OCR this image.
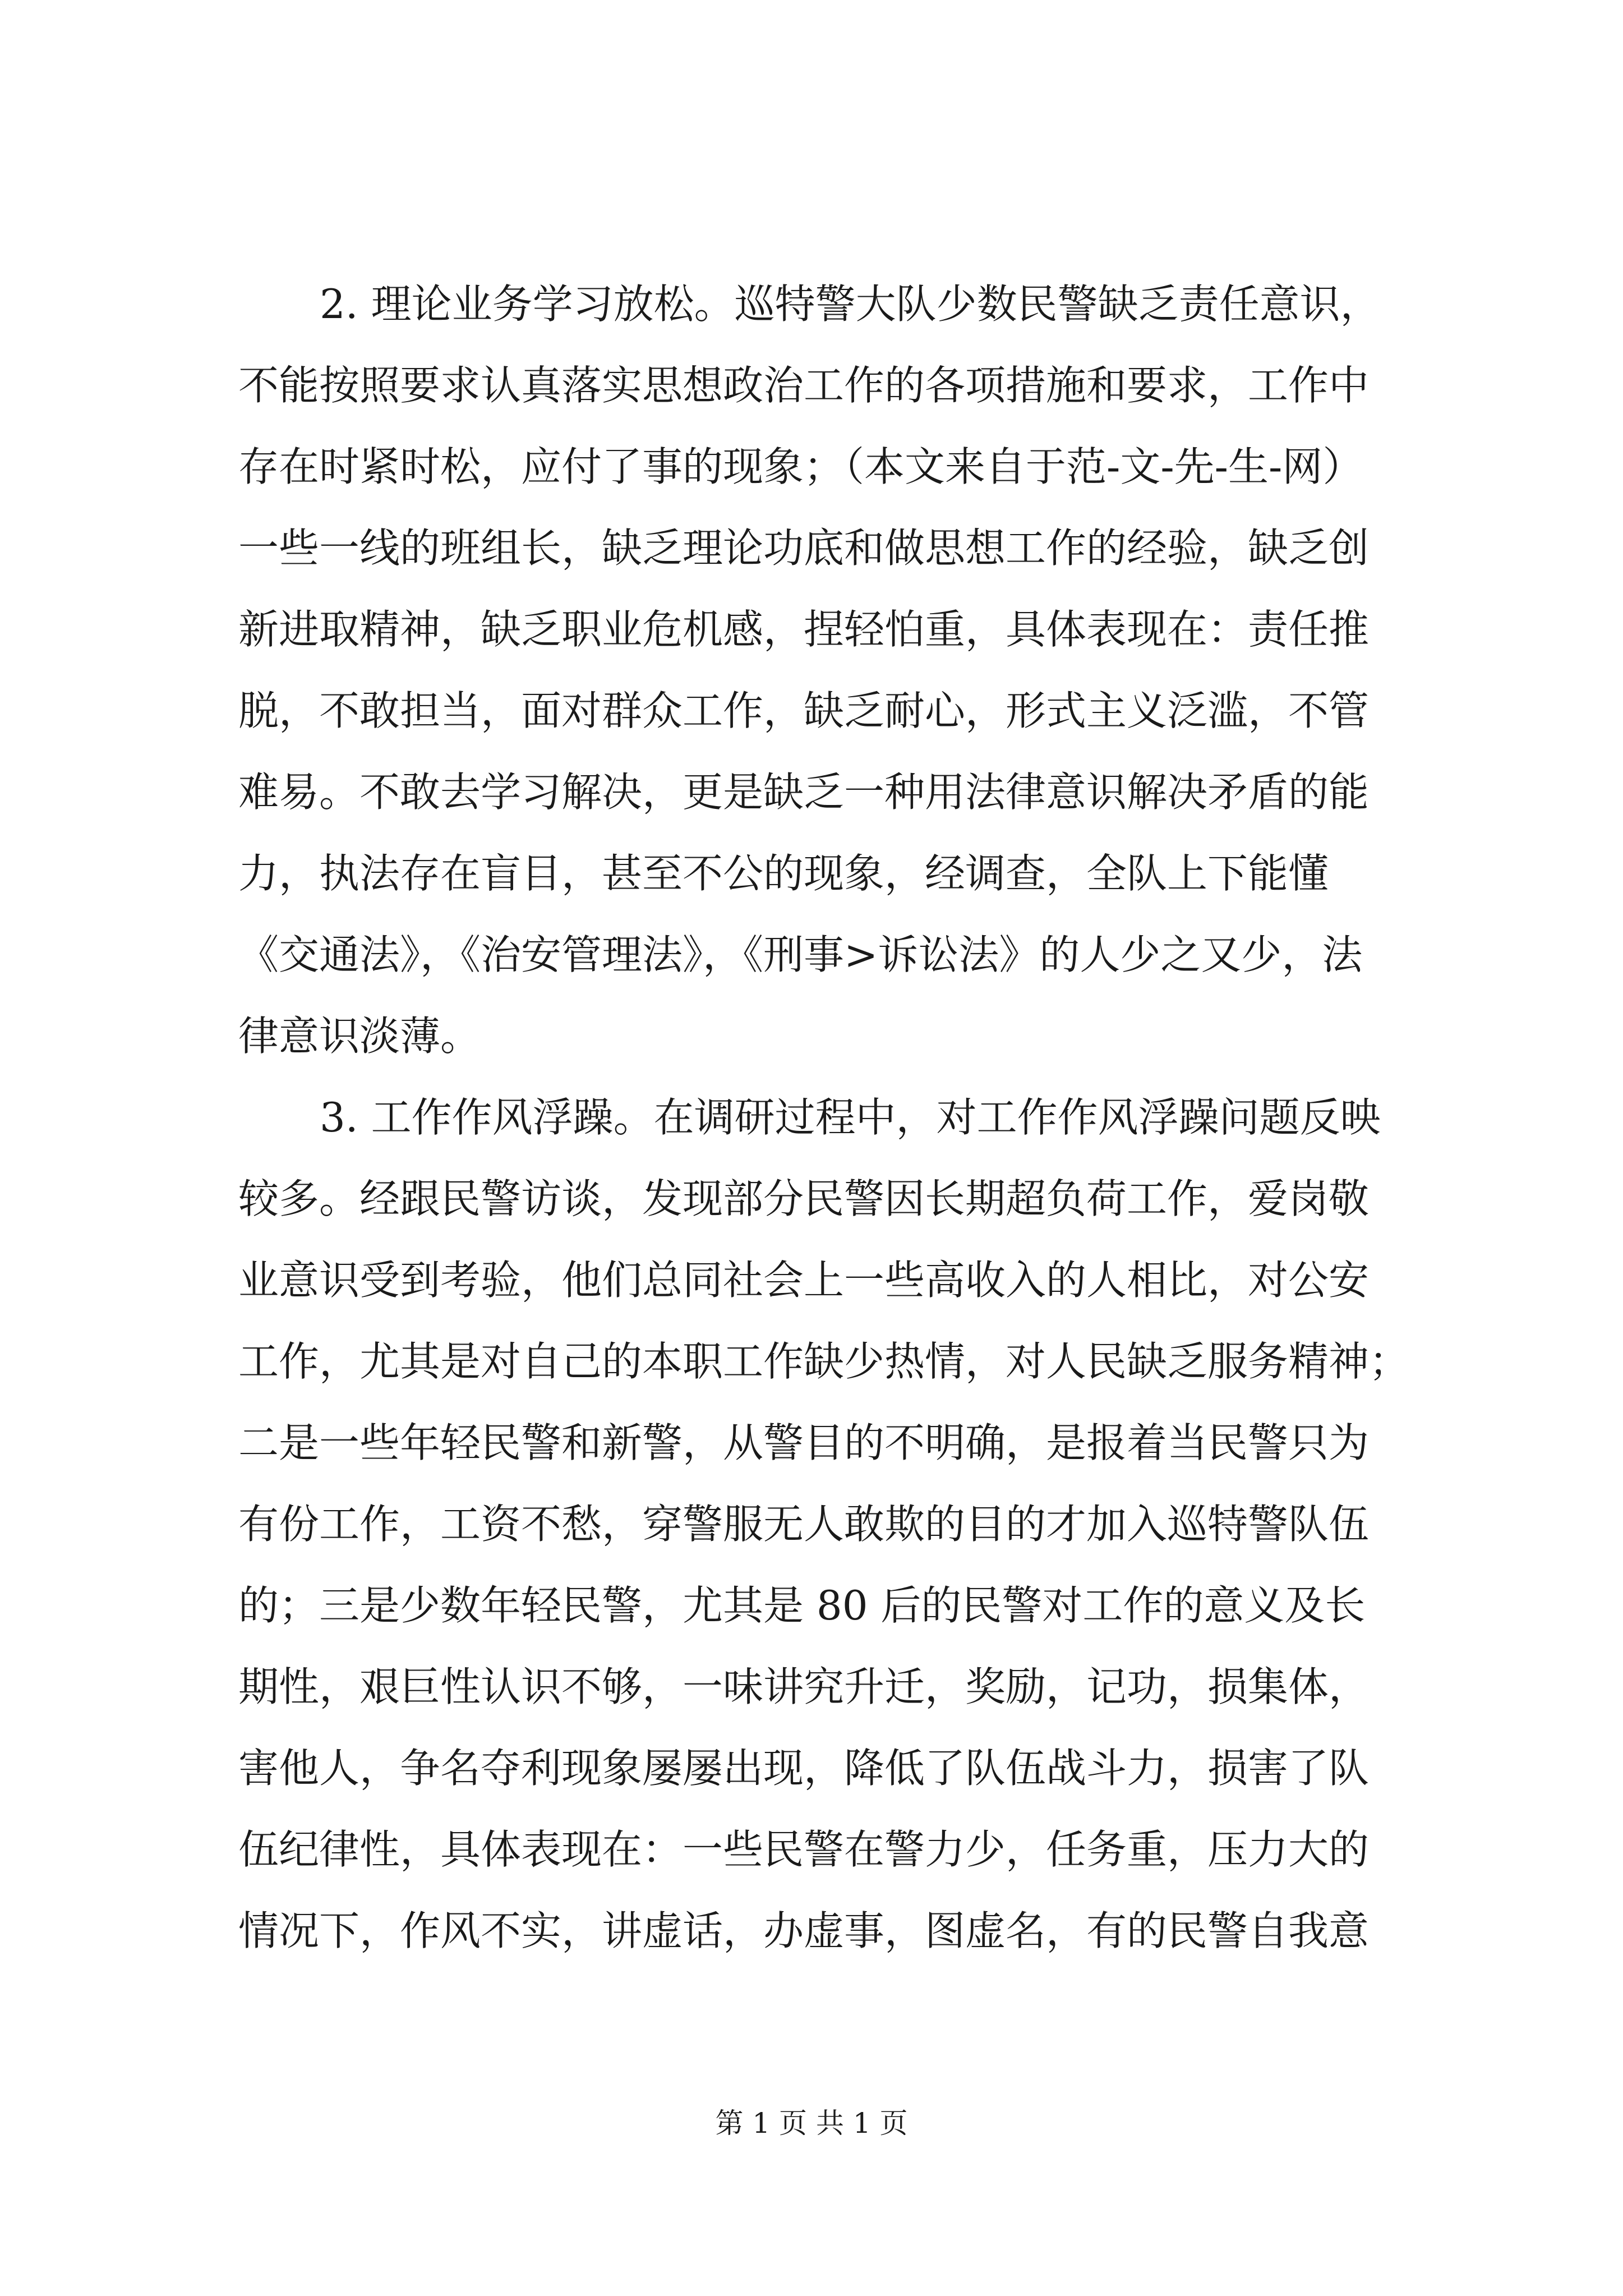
2. 理论业务学习放松。巡特警大队少数民警缺乏责任意识，
不能按照要求认真落实思想政治工作的各项措施和要求，工作中
存在时紧时松，应付了事的现象；（本文来自于范-文-先-生-网）
一些一线的班组长，缺乏理论功底和做思想工作的经验，缺乏创
新进取精神，缺乏职业危机感，捏轻怕重，具体表现在：责任推
脱，不敢担当，面对群众工作，缺乏耐心，形式主义泛滥，不管
难易。不敢去学习解决，更是缺乏一种用法律意识解决矛盾的能
力，执法存在盲目，甚至不公的现象，经调查，全队上下能懂
《交通法》，《治安管理法》，《刑事>诉讼法》的人少之又少，法
律意识淡薄。
3. 工作作风浮躁。在调研过程中，对工作作风浮躁问题反映
较多。经跟民警访谈，发现部分民警因长期超负荷工作，爱岗敬
业意识受到考验，他们总同社会上一些高收入的人相比，对公安
工作，尤其是对自己的本职工作缺少热情，对人民缺乏服务精神；
二是一些年轻民警和新警，从警目的不明确，是报着当民警只为
有份工作，工资不愁，穿警服无人敢欺的目的才加入巡特警队伍
的；三是少数年轻民警，尤其是 80 后的民警对工作的意义及长
期性，艰巨性认识不够，一味讲究升迁，奖励，记功，损集体，
害他人，争名夺利现象屡屡出现，降低了队伍战斗力，损害了队
伍纪律性，具体表现在：一些民警在警力少，任务重，压力大的
情况下，作风不实，讲虚话，办虚事，图虚名，有的民警自我意
第 1 页 共 1 页
